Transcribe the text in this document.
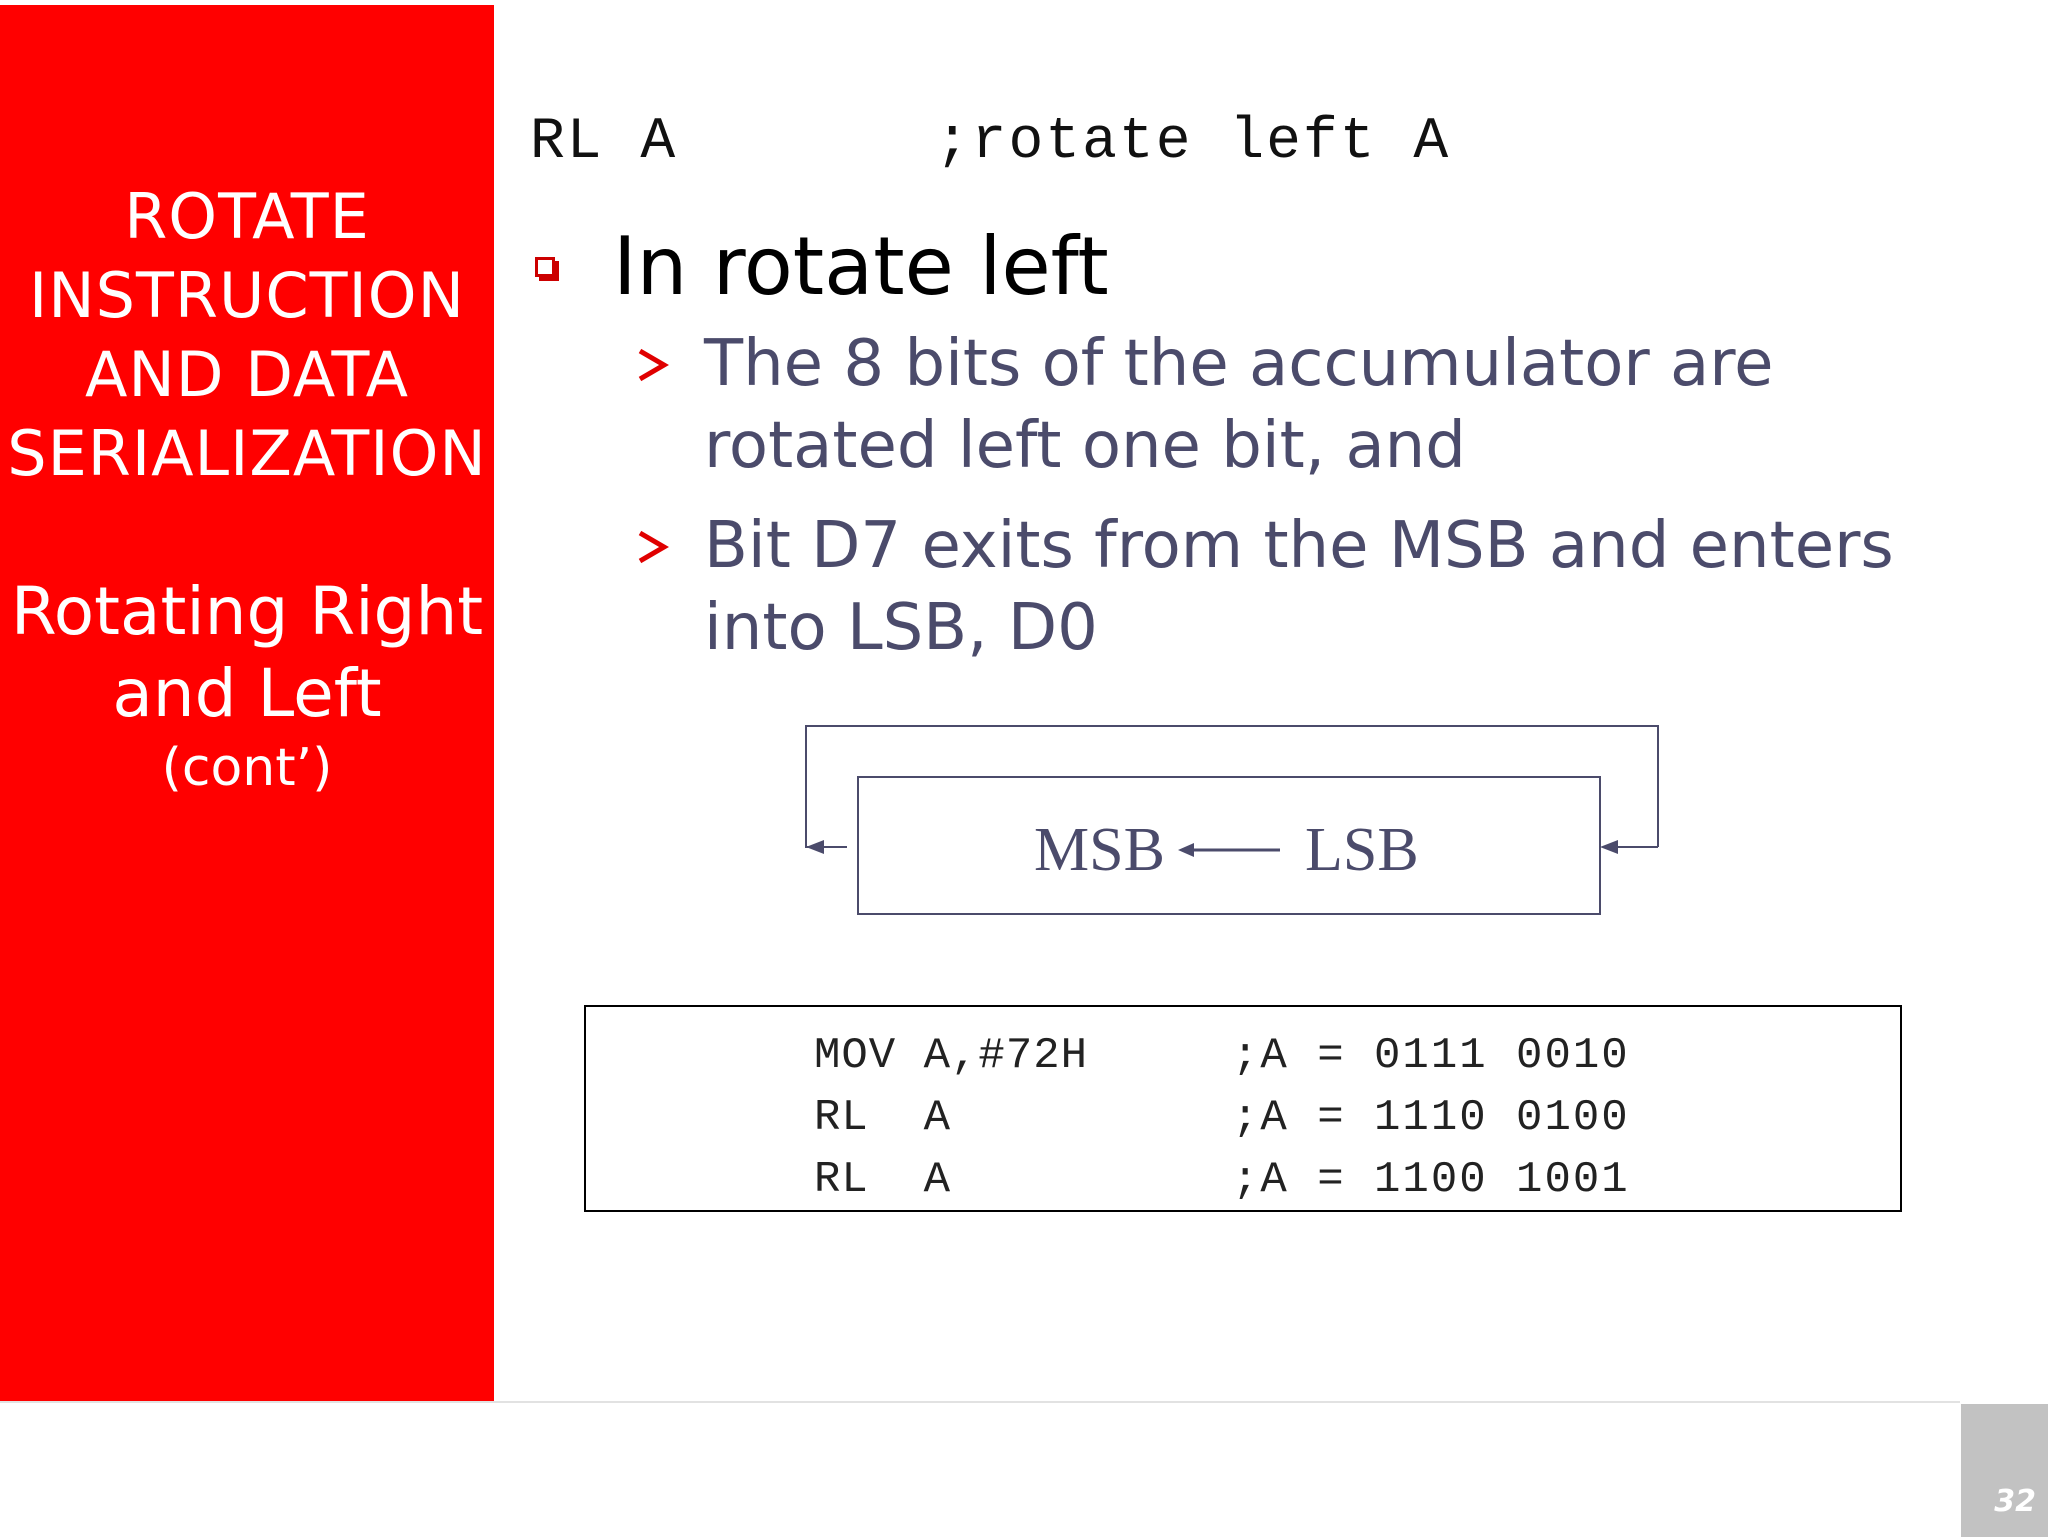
ROTATE
INSTRUCTION
AND DATA
SERIALIZATION
Rotating Right
and Left
(cont’)
RL A	;rotate left A
In rotate left
The 8 bits of the accumulator are rotated left one bit, and
Bit D7 exits from the MSB and enters into LSB, D0
MSB LSB
MOV A,#72H	;A = 0111 0010
RL  A	;A = 1110 0100
RL  A	;A = 1100 1001
32
